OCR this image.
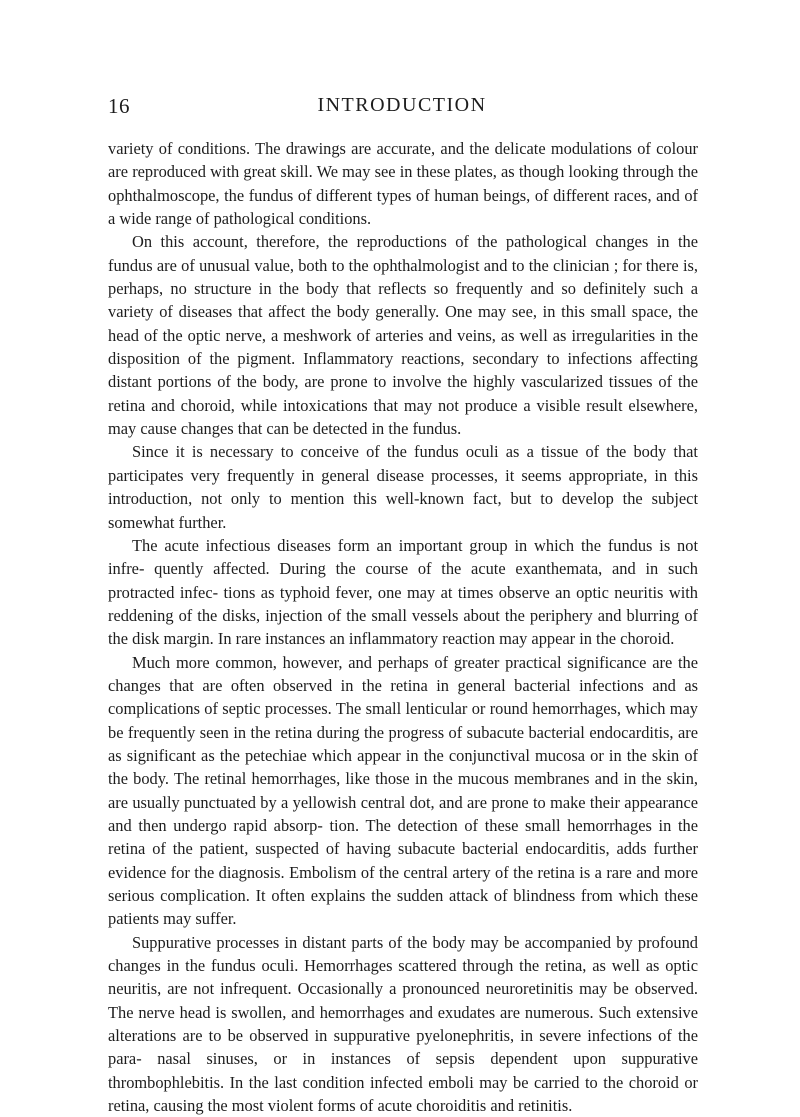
16	INTRODUCTION

variety of conditions. The drawings are accurate, and the delicate modulations of colour are reproduced with great skill. We may see in these plates, as though looking through the ophthalmoscope, the fundus of different types of human beings, of different races, and of a wide range of pathological conditions.

On this account, therefore, the reproductions of the pathological changes in the fundus are of unusual value, both to the ophthalmologist and to the clinician ; for there is, perhaps, no structure in the body that reflects so frequently and so definitely such a variety of diseases that affect the body generally. One may see, in this small space, the head of the optic nerve, a meshwork of arteries and veins, as well as irregularities in the disposition of the pigment. Inflammatory reactions, secondary to infections affecting distant portions of the body, are prone to involve the highly vascularized tissues of the retina and choroid, while intoxications that may not produce a visible result elsewhere, may cause changes that can be detected in the fundus.

Since it is necessary to conceive of the fundus oculi as a tissue of the body that participates very frequently in general disease processes, it seems appropriate, in this introduction, not only to mention this well-known fact, but to develop the subject somewhat further.

The acute infectious diseases form an important group in which the fundus is not infre- quently affected. During the course of the acute exanthemata, and in such protracted infec- tions as typhoid fever, one may at times observe an optic neuritis with reddening of the disks, injection of the small vessels about the periphery and blurring of the disk margin. In rare instances an inflammatory reaction may appear in the choroid.

Much more common, however, and perhaps of greater practical significance are the changes that are often observed in the retina in general bacterial infections and as complications of septic processes. The small lenticular or round hemorrhages, which may be frequently seen in the retina during the progress of subacute bacterial endocarditis, are as significant as the petechiae which appear in the conjunctival mucosa or in the skin of the body. The retinal hemorrhages, like those in the mucous membranes and in the skin, are usually punctuated by a yellowish central dot, and are prone to make their appearance and then undergo rapid absorp- tion. The detection of these small hemorrhages in the retina of the patient, suspected of having subacute bacterial endocarditis, adds further evidence for the diagnosis. Embolism of the central artery of the retina is a rare and more serious complication. It often explains the sudden attack of blindness from which these patients may suffer.

Suppurative processes in distant parts of the body may be accompanied by profound changes in the fundus oculi. Hemorrhages scattered through the retina, as well as optic neuritis, are not infrequent. Occasionally a pronounced neuroretinitis may be observed. The nerve head is swollen, and hemorrhages and exudates are numerous. Such extensive alterations are to be observed in suppurative pyelonephritis, in severe infections of the para- nasal sinuses, or in instances of sepsis dependent upon suppurative thrombophlebitis. In the last condition infected emboli may be carried to the choroid or retina, causing the most violent forms of acute choroiditis and retinitis.
